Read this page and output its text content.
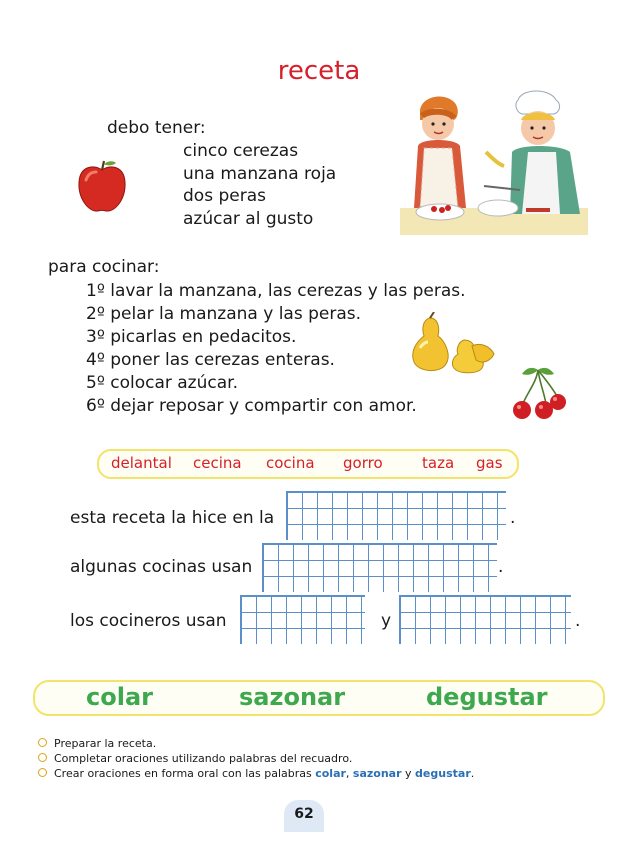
receta
debo tener:
cinco cerezas
una manzana roja
dos peras
azúcar al gusto
para cocinar:
1º lavar la manzana, las cerezas y las peras.
2º pelar la manzana y las peras.
3º picarlas en pedacitos.
4º poner las cerezas enteras.
5º colocar azúcar.
6º dejar reposar y compartir con amor.
delantal cecina cocina gorro	taza gas
esta receta la hice en la	.
algunas cocinas usan	.
los cocineros usan	y	.
colar	sazonar	degustar
Preparar la receta.
Completar oraciones utilizando palabras del recuadro.
Crear oraciones en forma oral con las palabras colar, sazonar y degustar.
62
